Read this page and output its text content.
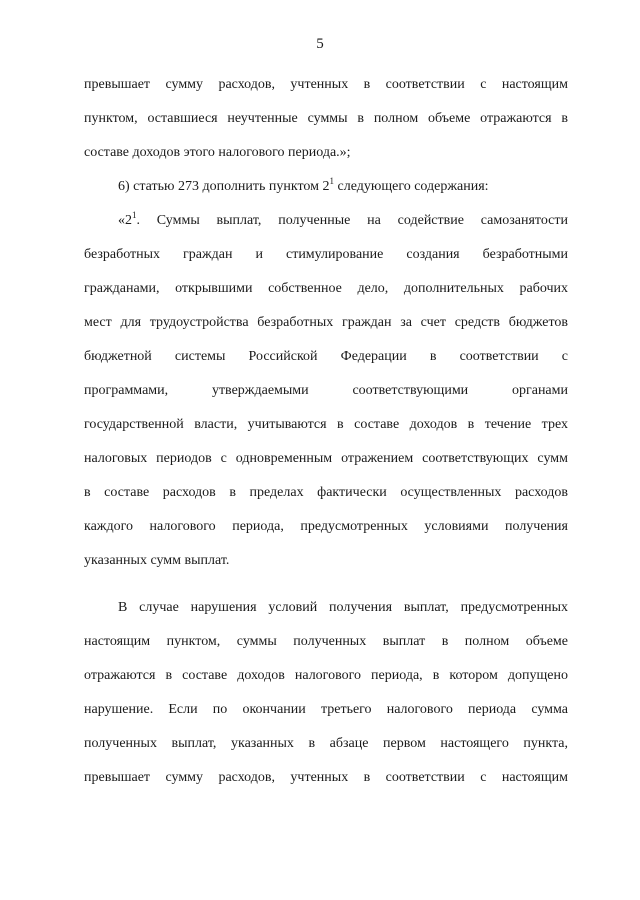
5
превышает сумму расходов, учтенных в соответствии с настоящим
пунктом, оставшиеся неучтенные суммы в полном объеме отражаются в
составе доходов этого налогового периода.»;
6) статью 273 дополнить пунктом $2^1$ следующего содержания:
«$2^1$. Суммы выплат, полученные на содействие самозанятости
безработных граждан и стимулирование создания безработными
гражданами, открывшими собственное дело, дополнительных рабочих
мест для трудоустройства безработных граждан за счет средств бюджетов
бюджетной системы Российской Федерации в соответствии с
программами, утверждаемыми соответствующими органами
государственной власти, учитываются в составе доходов в течение трех
налоговых периодов с одновременным отражением соответствующих сумм
в составе расходов в пределах фактически осуществленных расходов
каждого налогового периода, предусмотренных условиями получения
указанных сумм выплат.
В случае нарушения условий получения выплат, предусмотренных
настоящим пунктом, суммы полученных выплат в полном объеме
отражаются в составе доходов налогового периода, в котором допущено
нарушение. Если по окончании третьего налогового периода сумма
полученных выплат, указанных в абзаце первом настоящего пункта,
превышает сумму расходов, учтенных в соответствии с настоящим
